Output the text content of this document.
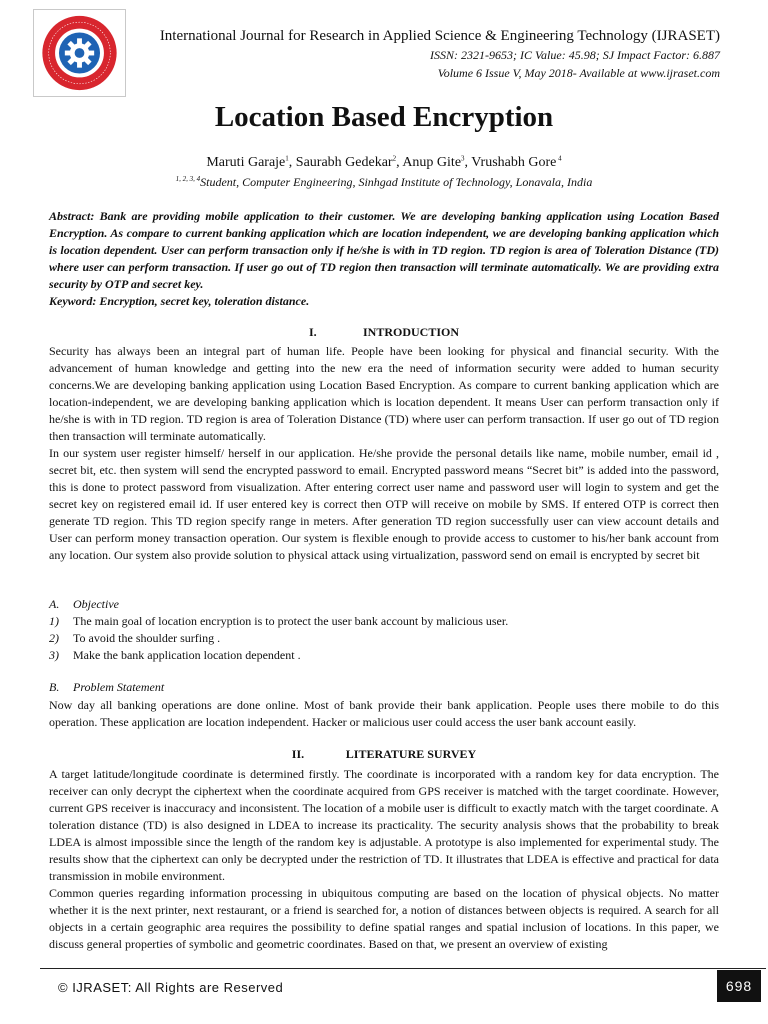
International Journal for Research in Applied Science & Engineering Technology (IJRASET)
ISSN: 2321-9653; IC Value: 45.98; SJ Impact Factor: 6.887
Volume 6 Issue V, May 2018- Available at www.ijraset.com
Location Based Encryption
Maruti Garaje$^1$, Saurabh Gedekar$^2$, Anup Gite$^3$, Vrushabh Gore $^4$
$^{1, 2, 3, 4}$Student, Computer Engineering, Sinhgad Institute of Technology, Lonavala, India
Abstract: Bank are providing mobile application to their customer. We are developing banking application using Location Based Encryption. As compare to current banking application which are location independent, we are developing banking application which is location dependent. User can perform transaction only if he/she is with in TD region. TD region is area of Toleration Distance (TD) where user can perform transaction. If user go out of TD region then transaction will terminate automatically. We are providing extra security by OTP and secret key.
Keyword: Encryption, secret key, toleration distance.
I.	INTRODUCTION
Security has always been an integral part of human life. People have been looking for physical and financial security. With the advancement of human knowledge and getting into the new era the need of information security were added to human security concerns.We are developing banking application using Location Based Encryption. As compare to current banking application which are location-independent, we are developing banking application which is location dependent. It means User can perform transaction only if he/she is with in TD region. TD region is area of Toleration Distance (TD) where user can perform transaction. If user go out of TD region then transaction will terminate automatically.
In our system user register himself/ herself in our application. He/she provide the personal details like name, mobile number, email id , secret bit, etc. then system will send the encrypted password to email. Encrypted password means “Secret bit” is added into the password, this is done to protect password from visualization. After entering correct user name and password user will login to system and get the secret key on registered email id. If user entered key is correct then OTP will receive on mobile by SMS. If entered OTP is correct then generate TD region. This TD region specify range in meters. After generation TD region successfully user can view account details and User can perform money transaction operation. Our system is flexible enough to provide access to customer to his/her bank account from any location. Our system also provide solution to physical attack using virtualization, password send on email is encrypted by secret bit
A. Objective
1) The main goal of location encryption is to protect the user bank account by malicious user.
2) To avoid the shoulder surfing .
3) Make the bank application location dependent .
B. Problem Statement
Now day all banking operations are done online. Most of bank provide their bank application. People uses there mobile to do this operation. These application are location independent. Hacker or malicious user could access the user bank account easily.
II.	LITERATURE SURVEY
A target latitude/longitude coordinate is determined firstly. The coordinate is incorporated with a random key for data encryption. The receiver can only decrypt the ciphertext when the coordinate acquired from GPS receiver is matched with the target coordinate. However, current GPS receiver is inaccuracy and inconsistent. The location of a mobile user is difficult to exactly match with the target coordinate. A toleration distance (TD) is also designed in LDEA to increase its practicality. The security analysis shows that the probability to break LDEA is almost impossible since the length of the random key is adjustable. A prototype is also implemented for experimental study. The results show that the ciphertext can only be decrypted under the restriction of TD. It illustrates that LDEA is effective and practical for data transmission in mobile environment.
Common queries regarding information processing in ubiquitous computing are based on the location of physical objects. No matter whether it is the next printer, next restaurant, or a friend is searched for, a notion of distances between objects is required. A search for all objects in a certain geographic area requires the possibility to define spatial ranges and spatial inclusion of locations. In this paper, we discuss general properties of symbolic and geometric coordinates. Based on that, we present an overview of existing
© IJRASET: All Rights are Reserved	698
